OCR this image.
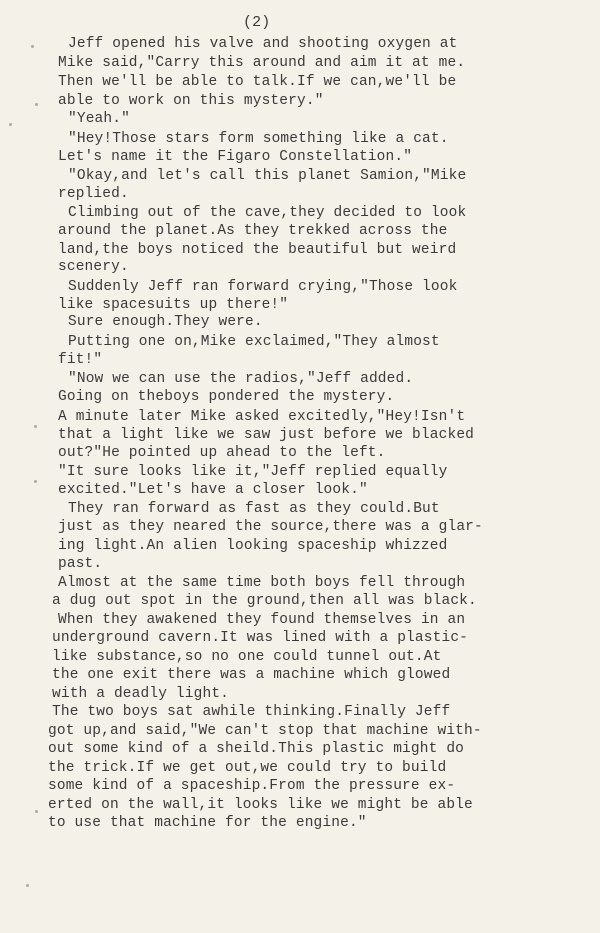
(2)
Jeff opened his valve and shooting oxygen at
Mike said,"Carry this around and aim it at me.
Then we'll be able to talk.If we can,we'll be
able to work on this mystery."
"Yeah."
"Hey!Those stars form something like a cat.
Let's name it the Figaro Constellation."
"Okay,and let's call this planet Samion,"Mike
replied.
Climbing out of the cave,they decided to look
around the planet.As they trekked across the
land,the boys noticed the beautiful but weird
scenery.
Suddenly Jeff ran forward crying,"Those look
like spacesuits up there!"
Sure enough.They were.
Putting one on,Mike exclaimed,"They almost
fit!"
"Now we can use the radios,"Jeff added.
Going on theboys pondered the mystery.
A minute later Mike asked excitedly,"Hey!Isn't
that a light like we saw just before we blacked
out?"He pointed up ahead to the left.
"It sure looks like it,"Jeff replied equally
excited."Let's have a closer look."
They ran forward as fast as they could.But
just as they neared the source,there was a glar-
ing light.An alien looking spaceship whizzed
past.
Almost at the same time both boys fell through
a dug out spot in the ground,then all was black.
When they awakened they found themselves in an
underground cavern.It was lined with a plastic-
like substance,so no one could tunnel out.At
the one exit there was a machine which glowed
with a deadly light.
The two boys sat awhile thinking.Finally Jeff
got up,and said,"We can't stop that machine with-
out some kind of a sheild.This plastic might do
the trick.If we get out,we could try to build
some kind of a spaceship.From the pressure ex-
erted on the wall,it looks like we might be able
to use that machine for the engine."
